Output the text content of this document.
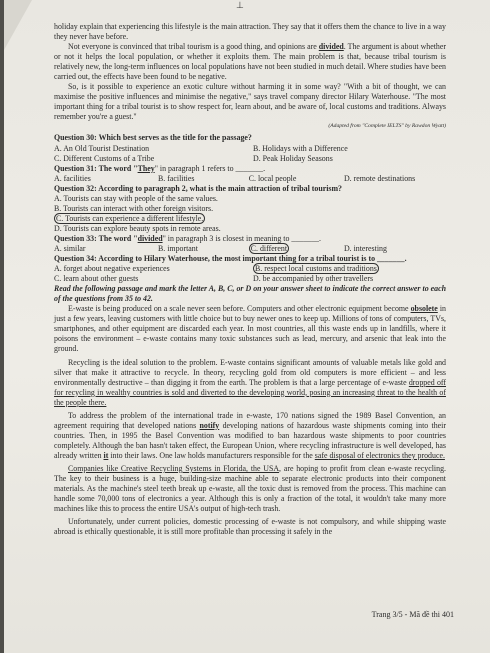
⊥

holiday explain that experiencing this lifestyle is the main attraction. They say that it offers them the chance to live in a way they never have before.

Not everyone is convinced that tribal tourism is a good thing, and opinions are divided. The argument is about whether or not it helps the local population, or whether it exploits them. The main problem is that, because tribal tourism is relatively new, the long-term influences on local populations have not been studied in much detail. Where studies have been carried out, the effects have been found to be negative.

So, is it possible to experience an exotic culture without harming it in some way? "With a bit of thought, we can maximise the positive influences and minimise the negative," says travel company director Hilary Waterhouse. "The most important thing for a tribal tourist is to show respect for, learn about, and be aware of, local customs and traditions. Always remember you're a guest."

(Adapted from "Complete IELTS" by Rawdon Wyatt)
Question 30: Which best serves as the title for the passage?
A. An Old Tourist Destination	B. Holidays with a Difference
C. Different Customs of a Tribe	D. Peak Holiday Seasons
Question 31: The word "They" in paragraph 1 refers to _______.
A. facilities	B. facilities	C. local people	D. remote destinations
Question 32: According to paragraph 2, what is the main attraction of tribal tourism?
A. Tourists can stay with people of the same values.
B. Tourists can interact with other foreign visitors.
C. Tourists can experience a different lifestyle.
D. Tourists can explore beauty spots in remote areas.
Question 33: The word "divided" in paragraph 3 is closest in meaning to _______.
A. similar	B. important	C. different	D. interesting
Question 34: According to Hilary Waterhouse, the most important thing for a tribal tourist is to _______.
A. forget about negative experiences	B. respect local customs and traditions
C. learn about other guests	D. be accompanied by other travellers

Read the following passage and mark the letter A, B, C, or D on your answer sheet to indicate the correct answer to each of the questions from 35 to 42.

E-waste is being produced on a scale never seen before. Computers and other electronic equipment become obsolete in just a few years, leaving customers with little choice but to buy newer ones to keep up. Millions of tons of computers, TVs, smartphones, and other equipment are discarded each year. In most countries, all this waste ends up in landfills, where it poisons the environment – e-waste contains many toxic substances such as lead, mercury, and arsenic that leak into the ground.

Recycling is the ideal solution to the problem. E-waste contains significant amounts of valuable metals like gold and silver that make it attractive to recycle. In theory, recycling gold from old computers is more efficient – and less environmentally destructive – than digging it from the earth. The problem is that a large percentage of e-waste dropped off for recycling in wealthy countries is sold and diverted to the developing world, posing an increasing threat to the health of the people there.

To address the problem of the international trade in e-waste, 170 nations signed the 1989 Basel Convention, an agreement requiring that developed nations notify developing nations of hazardous waste shipments coming into their countries. Then, in 1995 the Basel Convention was modified to ban hazardous waste shipments to poor countries completely. Although the ban hasn't taken effect, the European Union, where recycling infrastructure is well developed, has already written it into their laws. One law holds manufacturers responsible for the safe disposal of electronics they produce.

Companies like Creative Recycling Systems in Florida, the USA, are hoping to profit from clean e-waste recycling. The key to their business is a huge, building-size machine able to separate electronic products into their component materials. As the machine's steel teeth break up e-waste, all the toxic dust is removed from the process. This machine can handle some 70,000 tons of electronics a year. Although this is only a fraction of the total, it wouldn't take many more machines like this to process the entire USA's output of high-tech trash.

Unfortunately, under current policies, domestic processing of e-waste is not compulsory, and while shipping waste abroad is ethically questionable, it is still more profitable than processing it safely in the

Trang 3/5 - Mã đề thi 401
